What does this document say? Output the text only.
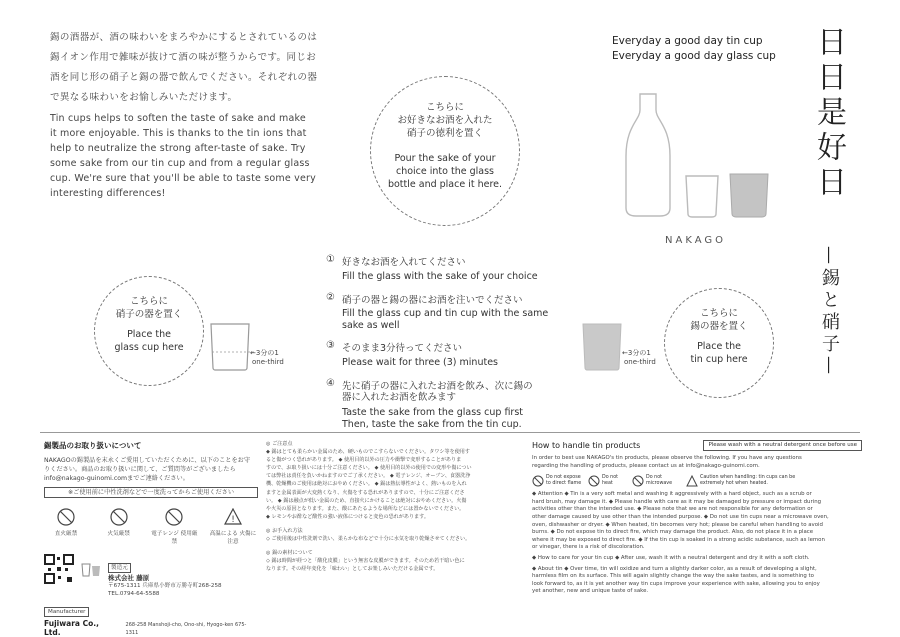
錫の酒器が、酒の味わいをまろやかにするとされているのは
錫イオン作用で雑味が抜けて酒の味が整うからです。同じお
酒を同じ形の硝子と錫の器で飲んでください。それぞれの器
で異なる味わいをお愉しみいただけます。
Tin cups helps to soften the taste of sake and make
it more enjoyable. This is thanks to the tin ions that
help to neutralize the strong after-taste of sake. Try
some sake from our tin cup and from a regular glass
cup. We're sure that you'll be able to taste some very
interesting differences!
こちらに
お好きなお酒を入れた
硝子の徳利を置く
Pour the sake of your
choice into the glass
bottle and place it here.
Everyday a good day tin cup
Everyday a good day glass cup
NAKAGO
日日是好日
—錫と硝子—
① 好きなお酒を入れてください
Fill the glass with the sake of your choice
② 硝子の器と錫の器にお酒を注いでください
Fill the glass cup and tin cup with the same
sake as well
③ そのまま3分待ってください
Please wait for three (3) minutes
④ 先に硝子の器に入れたお酒を飲み、次に錫の
器に入れたお酒を飲みます
Taste the sake from the glass cup first
Then, taste the sake from the tin cup.
こちらに
硝子の器を置く
Place the
glass cup here	←3分の1
one-third
←3分の1
one-third
こちらに
錫の器を置く
Place the
tin cup here
錫製品のお取り扱いについて
NAKAGOの錫製品を末永くご愛用していただくために、以下のことをお守
りください。商品のお取り扱いに関して、ご質問等がございましたら
info@nakago-guinomi.comまでご連絡ください。
※ご使用前に中性洗剤などで一度洗ってからご使用ください
直火厳禁	火気厳禁	電子レンジ 使用厳禁
!
高温による 火傷に注意
製造元
株式会社 藤原
〒675-1311 兵庫県小野市万勝寺町268-258
TEL.0794-64-5588
Manufacturer
Fujiwara Co., Ltd.
268-258 Manshoji-cho, Ono-shi, Hyogo-ken 675-1311
◎ ご注意点
◆ 錫はとても柔らかい金属のため、硬いものでこすらないでください。タワシ等を使用す
ると傷がつく恐れがあります。 ◆ 使用目的以外の圧力や衝撃で変形することがありま
すので、お取り扱いには十分ご注意ください。 ◆ 使用目的以外の使用での変形や傷につい
ては弊社は責任を負いかねますのでご了承ください。 ◆ 電子レンジ、オーブン、食器洗浄
機、乾燥機のご使用は絶対におやめください。 ◆ 錫は熱伝導性がよく、熱いものを入れ
ますと金属表面が大変熱くなり、火傷をする恐れがありますので、十分にご注意くださ
い。 ◆ 錫は融点が低い金属のため、直接火にかけることは絶対におやめください。火傷
や火災の原因となります。また、酸にあたるような場所などには置かないでください。
◆ レモンやお酢など酸性の強い液体につけると変色の恐れがあります。
◎ お手入れ方法
◇ ご使用後は中性洗剤で洗い、柔らかな布などで十分に水気を取り乾燥させてください。
◎ 錫の素材について
◇ 錫は時間が経つと「酸化皮膜」という無害な皮膜ができます。そのため若干暗い色に
なります。その経年変化を「味わい」としてお楽しみいただける金属です。
How to handle tin products	Please wash with a neutral detergent once before use
In order to best use NAKAGO's tin products, please observe the following. If you have any questions
regarding the handling of products, please contact us at info@nakago-guinomi.com.
Do not expose to direct flame
Do not heat
Do not microwave
Caution when handling: tin cups can be extremely hot when heated.
◆ Attention ◆ Tin is a very soft metal and washing it aggressively with a hard object, such as a scrub or
hard brush, may damage it. ◆ Please handle with care as it may be damaged by pressure or impact during
activities other than the intended use. ◆ Please note that we are not responsible for any deformation or
other damage caused by use other than the intended purpose. ◆ Do not use tin cups near a microwave oven,
oven, dishwasher or dryer. ◆ When heated, tin becomes very hot; please be careful when handling to avoid
burns. ◆ Do not expose tin to direct fire, which may damage the product. Also, do not place it in a place
where it may be exposed to direct fire. ◆ If the tin cup is soaked in a strong acidic substance, such as lemon
or vinegar, there is a risk of discoloration.
◆ How to care for your tin cup ◆ After use, wash it with a neutral detergent and dry it with a soft cloth.
◆ About tin ◆ Over time, tin will oxidize and turn a slightly darker color, as a result of developing a slight,
harmless film on its surface. This will again slightly change the way the sake tastes, and is something to
look forward to, as it is yet another way tin cups improve your experience with sake, allowing you to enjoy
yet another, new and unique taste of sake.
